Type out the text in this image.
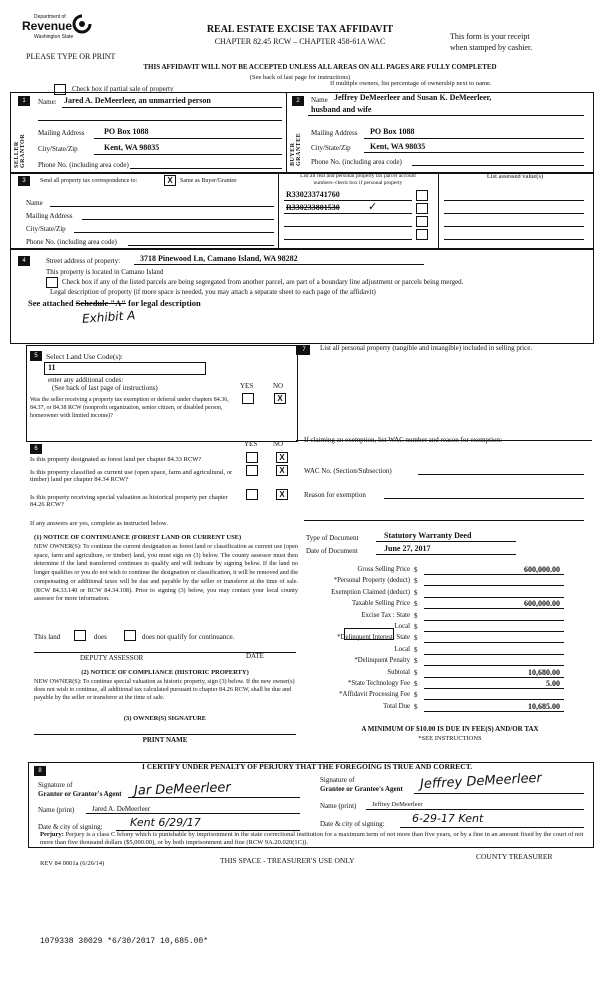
Department of
Revenue
Washington State
REAL ESTATE EXCISE TAX AFFIDAVIT
CHAPTER 82.45 RCW – CHAPTER 458-61A WAC
This form is your receipt
when stamped by cashier.
PLEASE TYPE OR PRINT
THIS AFFIDAVIT WILL NOT BE ACCEPTED UNLESS ALL AREAS ON ALL PAGES ARE FULLY COMPLETED
(See back of last page for instructions)
Check box if partial sale of property
If multiple owners, list percentage of ownership next to name.
1	Name: Jared A. DeMeerleer, an unmarried person
SELLER GRANTOR
Mailing Address PO Box 1088
City/State/Zip	Kent, WA 98035
Phone No. (including area code)
2	Name Jeffrey DeMeerleer and Susan K. DeMeerleer,
husband and wife
BUYER GRANTEE Mailing Address PO Box 1088
City/State/Zip Kent, WA 98035
Phone No. (including area code)
3	Send all property tax correspondence to:	X	Same as Buyer/Grantee
List all real and personal property tax parcel account
numbers–check box if personal property
List assessed value(s)
R330233741760
R330233801530	✓
Name
Mailing Address
City/State/Zip
Phone No. (including area code)
4	Street address of property: 3718 Pinewood Ln, Camano Island, WA 98282
This property is located in Camano Island
Check box if any of the listed parcels are being segregated from another parcel, are part of a boundary line adjustment or parcels being merged.
Legal description of property (if more space is needed, you may attach a separate sheet to each page of the affidavit)
See attached Schedule "A" for legal description
Exhibit A
5	Select Land Use Code(s):
11
enter any additional codes:
(See back of last page of instructions)	YES	NO
Was the seller receiving a property tax exemption or deferral under chapters 84.36, 84.37, or 84.38 RCW (nonprofit organization, senior citizen, or disabled person, homeowner with limited income)?
X
7	List all personal property (tangible and intangible) included in selling price.
6
YES NO
Is this property designated as forest land per chapter 84.33 RCW?	X
Is this property classified as current use (open space, farm and agricultural, or timber) land per chapter 84.34 RCW?
X
Is this property receiving special valuation as historical property per chapter 84.26 RCW?
X
If any answers are yes, complete as instructed below.
(1) NOTICE OF CONTINUANCE (FOREST LAND OR CURRENT USE)
NEW OWNER(S): To continue the current designation as forest land or classification as current use (open space, farm and agriculture, or timber) land, you must sign on (3) below. The county assessor must then determine if the land transferred continues to qualify and will indicate by signing below. If the land no longer qualifies or you do not wish to continue the designation or classification, it will be removed and the compensating or additional taxes will be due and payable by the seller or transferor at the time of sale. (RCW 84.33.140 or RCW 84.34.108). Prior to signing (3) below, you may contact your local county assessor for more information.
This land	does	does not qualify for continuance.
DEPUTY ASSESSOR	DATE
(2) NOTICE OF COMPLIANCE (HISTORIC PROPERTY)
NEW OWNER(S): To continue special valuation as historic property, sign (3) below. If the new owner(s) does not wish to continue, all additional tax calculated pursuant to chapter 84.26 RCW, shall be due and payable by the seller or transferor at the time of sale.
(3) OWNER(S) SIGNATURE
PRINT NAME
If claiming an exemption, list WAC number and reason for exemption:
WAC No. (Section/Subsection)
Reason for exemption
Type of Document	Statutory Warranty Deed
Date of Document	June 27, 2017
Gross Selling Price $	600,000.00
*Personal Property (deduct) $
Exemption Claimed (deduct) $
Taxable Selling Price $	600,000.00
Excise Tax : State $
Local $
*Delinquent Interest: State $
Local $
*Delinquent Penalty $
Subtotal $	10,680.00
*State Technology Fee $	5.00
*Affidavit Processing Fee $
Total Due $	10,685.00
A MINIMUM OF $10.00 IS DUE IN FEE(S) AND/OR TAX
*SEE INSTRUCTIONS
8	I CERTIFY UNDER PENALTY OF PERJURY THAT THE FOREGOING IS TRUE AND CORRECT.
Signature of
Grantor or Grantor's Agent Jar DeMeerleer
Name (print)	Jared A. DeMeerleer
Date & city of signing: Kent 6/29/17
Signature of
Grantee or Grantee's Agent Jeffrey DeMeerleer
Name (print) Jeffrey DeMeerleer
Date & city of signing: 6-29-17 Kent
Perjury: Perjury is a class C felony which is punishable by imprisonment in the state correctional institution for a maximum term of not more than five years, or by a fine in an amount fixed by the court of not more than five thousand dollars ($5,000.00), or by both imprisonment and fine (RCW 9A.20.020(1C)).
REV 84 0001a (6/26/14)	THIS SPACE - TREASURER'S USE ONLY	COUNTY TREASURER
1079338 30029 *6/30/2017 10,685.00*
